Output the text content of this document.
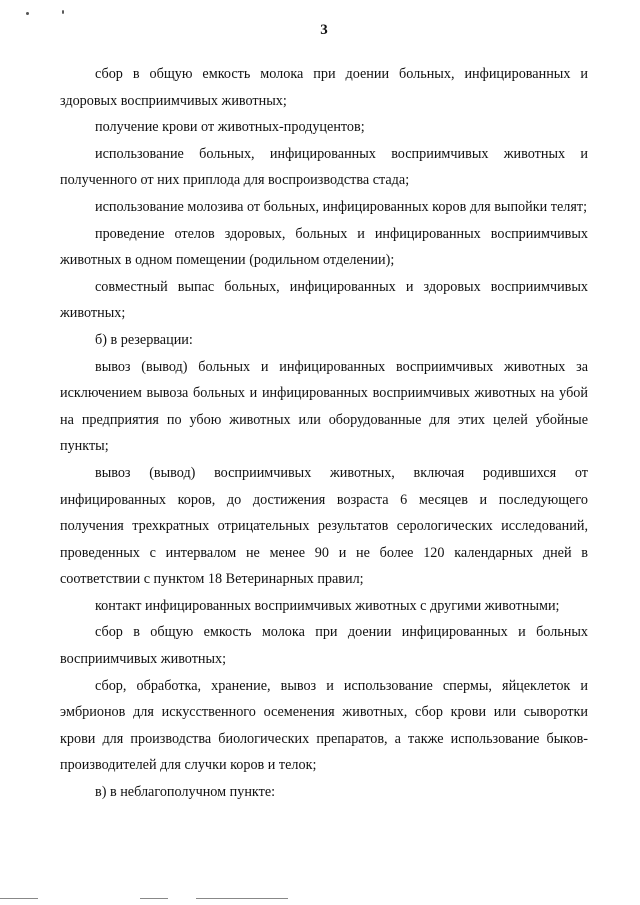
3

сбор в общую емкость молока при доении больных, инфицированных и здоровых восприимчивых животных;

получение крови от животных-продуцентов;

использование больных, инфицированных восприимчивых животных и полученного от них приплода для воспроизводства стада;

использование молозива от больных, инфицированных коров для выпойки телят;

проведение отелов здоровых, больных и инфицированных восприимчивых животных в одном помещении (родильном отделении);

совместный выпас больных, инфицированных и здоровых восприимчивых животных;

б) в резервации:

вывоз (вывод) больных и инфицированных восприимчивых животных за исключением вывоза больных и инфицированных восприимчивых животных на убой на предприятия по убою животных или оборудованные для этих целей убойные пункты;

вывоз (вывод) восприимчивых животных, включая родившихся от инфицированных коров, до достижения возраста 6 месяцев и последующего получения трехкратных отрицательных результатов серологических исследований, проведенных с интервалом не менее 90 и не более 120 календарных дней в соответствии с пунктом 18 Ветеринарных правил;

контакт инфицированных восприимчивых животных с другими животными;

сбор в общую емкость молока при доении инфицированных и больных восприимчивых животных;

сбор, обработка, хранение, вывоз и использование спермы, яйцеклеток и эмбрионов для искусственного осеменения животных, сбор крови или сыворотки крови для производства биологических препаратов, а также использование быков-производителей для случки коров и телок;

в) в неблагополучном пункте:
